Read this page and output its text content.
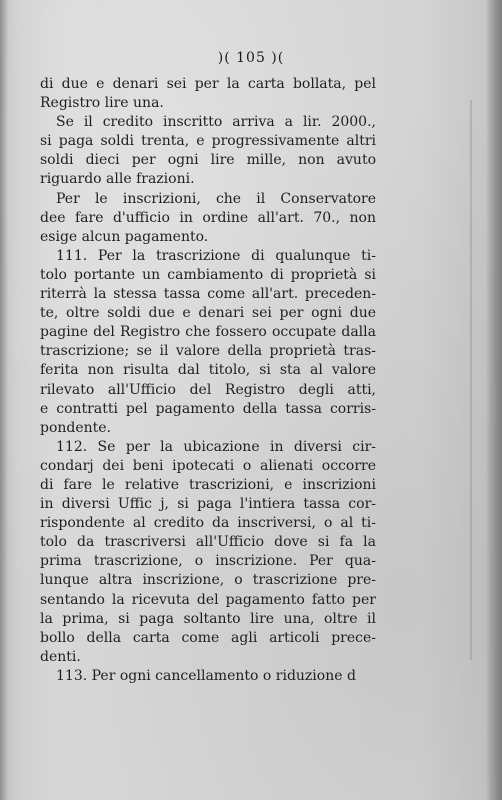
)( 105 )(
di due e denari sei per la carta bollata, pel
Registro lire una.
Se il credito inscritto arriva a lir. 2000.,
si paga soldi trenta, e progressivamente altri
soldi dieci per ogni lire mille, non avuto
riguardo alle frazioni.
Per le inscrizioni, che il Conservatore
dee fare d'ufficio in ordine all'art. 70., non
esige alcun pagamento.
111. Per la trascrizione di qualunque ti-
tolo portante un cambiamento di proprietà si
riterrà la stessa tassa come all'art. preceden-
te, oltre soldi due e denari sei per ogni due
pagine del Registro che fossero occupate dalla
trascrizione; se il valore della proprietà tras-
ferita non risulta dal titolo, si sta al valore
rilevato all'Ufficio del Registro degli atti,
e contratti pel pagamento della tassa corris-
pondente.
112. Se per la ubicazione in diversi cir-
condarj dei beni ipotecati o alienati occorre
di fare le relative trascrizioni, e inscrizioni
in diversi Uffic j, si paga l'intiera tassa cor-
rispondente al credito da inscriversi, o al ti-
tolo da trascriversi all'Ufficio dove si fa la
prima trascrizione, o inscrizione. Per qua-
lunque altra inscrizione, o trascrizione pre-
sentando la ricevuta del pagamento fatto per
la prima, si paga soltanto lire una, oltre il
bollo della carta come agli articoli prece-
denti.
113. Per ogni cancellamento o riduzione d
